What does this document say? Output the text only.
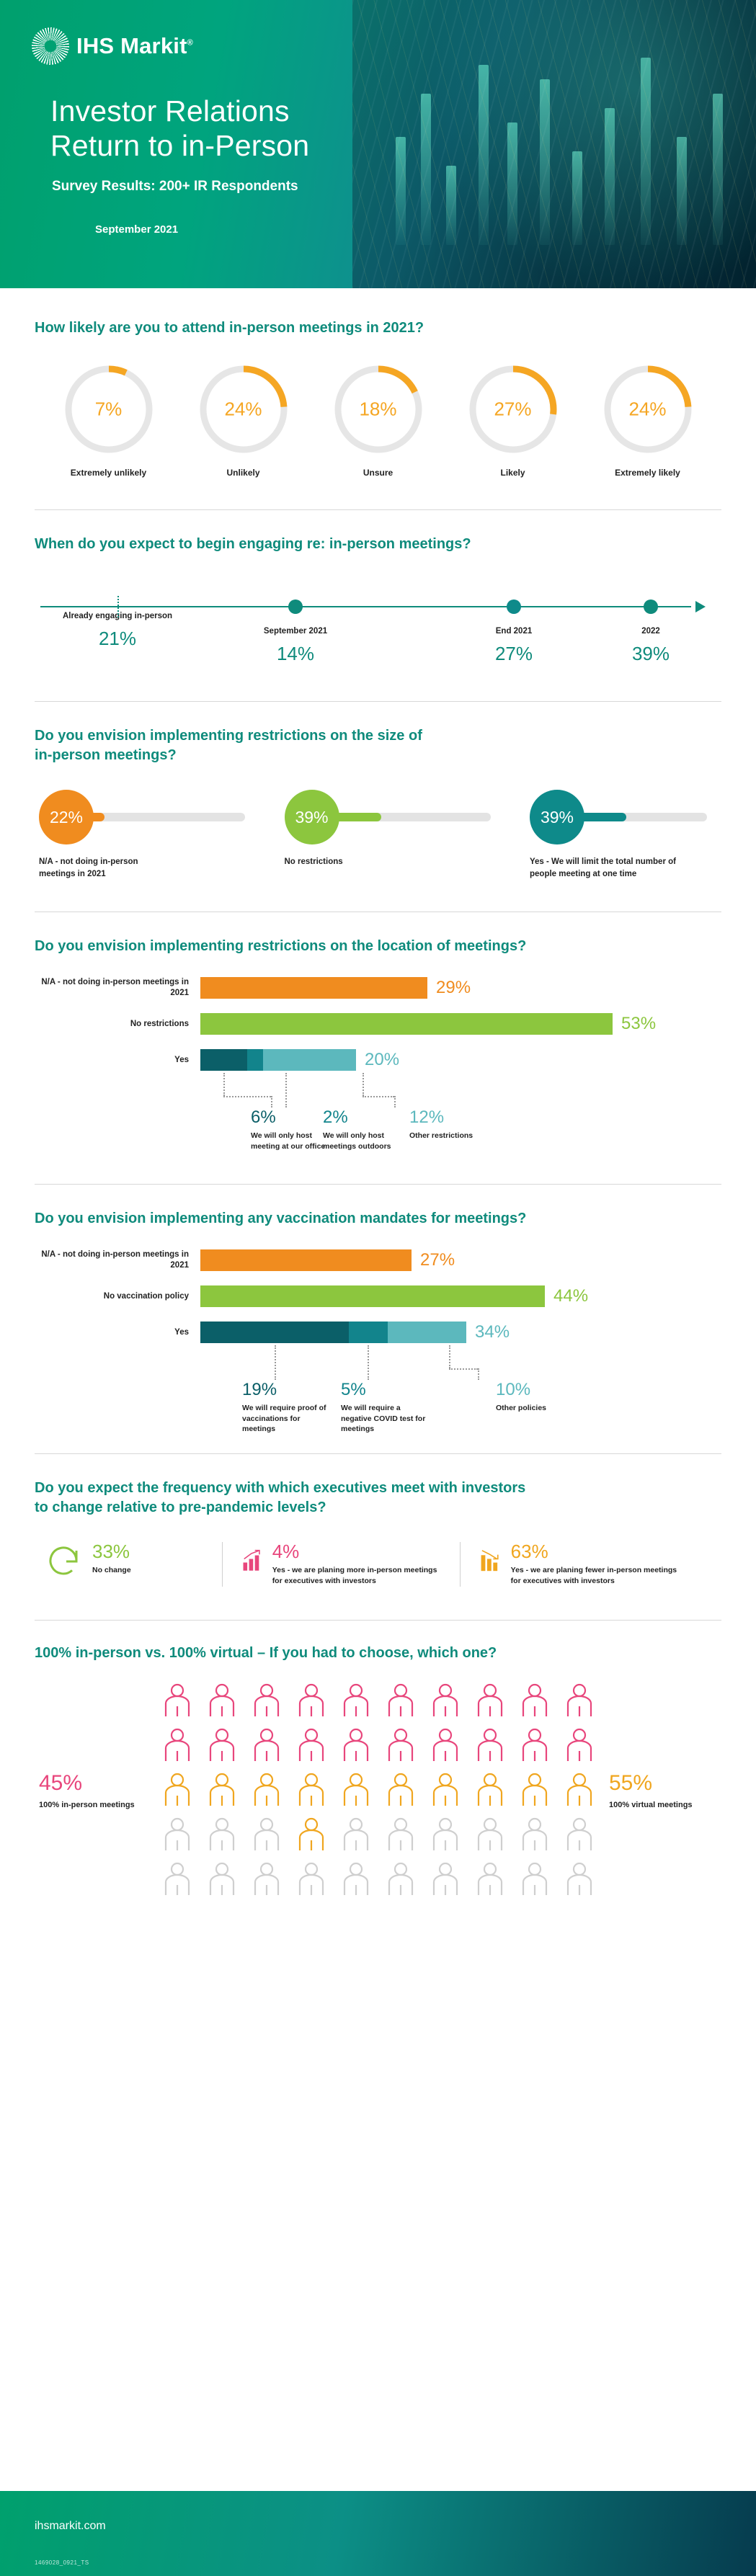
IHS Markit®
Investor Relations
Return to in-Person
Survey Results: 200+ IR Respondents
September 2021

How likely are you to attend in-person meetings in 2021?

7%
Extremely unlikely
24%
Unlikely
18%
Unsure
27%
Likely
24%
Extremely likely

When do you expect to begin engaging re: in-person meetings?

Already engaging in-person
21%	September 2021
14%
End 2021
27%
2022
39%

Do you envision implementing restrictions on the size of
in-person meetings?

22%
N/A - not doing in-person meetings in 2021
39%
No restrictions
39%
Yes - We will limit the total number of people meeting at one time

Do you envision implementing restrictions on the location of meetings?

N/A - not doing in-person meetings in 2021	29%
No restrictions	53%
Yes	20%
6%
We will only host meeting at our office
2%
We will only host meetings outdoors
12%
Other restrictions

Do you envision implementing any vaccination mandates for meetings?

N/A - not doing in-person meetings in 2021	27%
No vaccination policy	44%
Yes	34%
19%
We will require proof of vaccinations for meetings
5%
We will require a negative COVID test for meetings
10%
Other policies

Do you expect the frequency with which executives meet with investors
to change relative to pre-pandemic levels?

33%
No change
4%
Yes - we are planing more in-person meetings for executives with investors
63%
Yes - we are planing fewer in-person meetings for executives with investors

100% in-person vs. 100% virtual – If you had to choose, which one?

45%
100% in-person meetings
55%
100% virtual meetings
ihsmarkit.com
1469028_0921_TS
